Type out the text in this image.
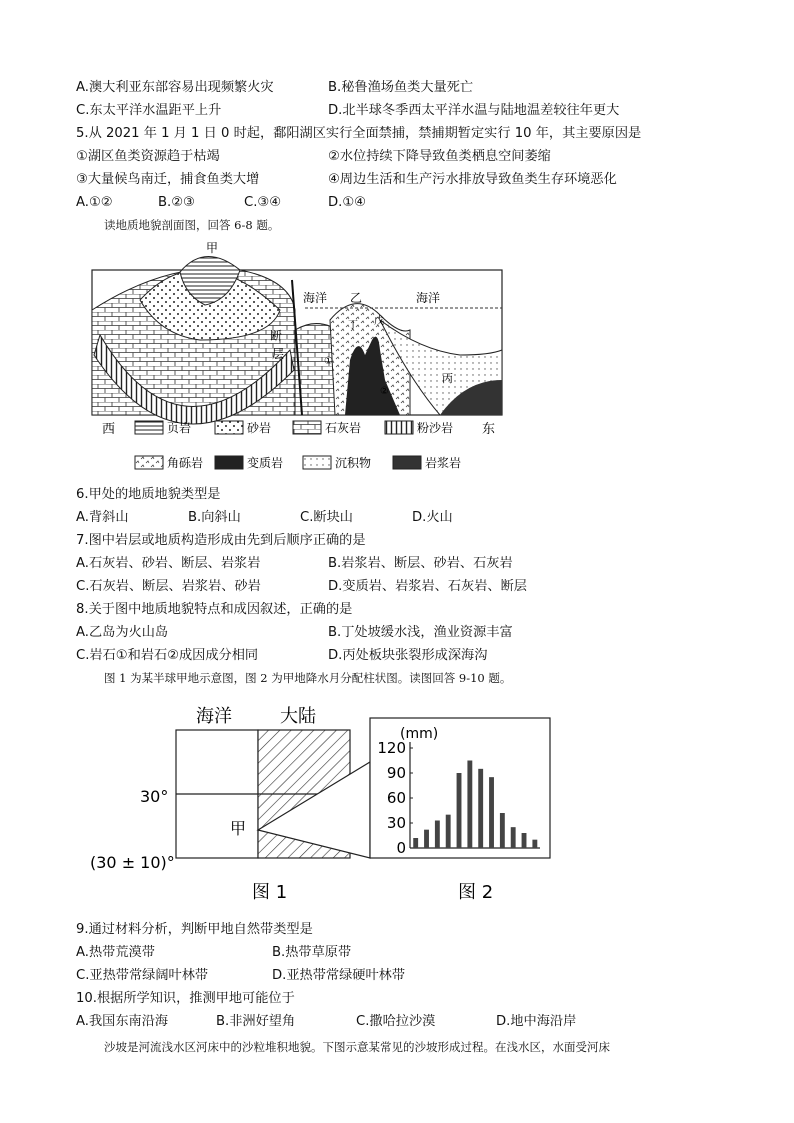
A.澳大利亚东部容易出现频繁火灾	B.秘鲁渔场鱼类大量死亡
C.东太平洋水温距平上升	D.北半球冬季西太平洋水温与陆地温差较往年更大
5.从 2021 年 1 月 1 日 0 时起，鄱阳湖区实行全面禁捕，禁捕期暂定实行 10 年，其主要原因是
①湖区鱼类资源趋于枯竭	②水位持续下降导致鱼类栖息空间萎缩
③大量候鸟南迁，捕食鱼类大增	④周边生活和生产污水排放导致鱼类生存环境恶化
A.①②	B.②③	C.③④	D.①④
读地质地貌剖面图，回答 6-8 题。
甲
海洋 乙	海洋
戊
丁
断
层
丙
①
②
西	东
页岩	砂岩	石灰岩	粉沙岩
角砾岩	变质岩	沉积物	岩浆岩
6.甲处的地质地貌类型是
A.背斜山	B.向斜山	C.断块山	D.火山
7.图中岩层或地质构造形成由先到后顺序正确的是
A.石灰岩、砂岩、断层、岩浆岩	B.岩浆岩、断层、砂岩、石灰岩
C.石灰岩、断层、岩浆岩、砂岩	D.变质岩、岩浆岩、石灰岩、断层
8.关于图中地质地貌特点和成因叙述，正确的是
A.乙岛为火山岛	B.丁处坡缓水浅，渔业资源丰富
C.岩石①和岩石②成因成分相同	D.丙处板块张裂形成深海沟
图 1 为某半球甲地示意图，图 2 为甲地降水月分配柱状图。读图回答 9-10 题。
海洋	大陆
30°
(30 ± 10)°
甲
图 1
(mm)
0
30
60
90
120
图 2
9.通过材料分析，判断甲地自然带类型是
A.热带荒漠带	B.热带草原带
C.亚热带常绿阔叶林带	D.亚热带常绿硬叶林带
10.根据所学知识，推测甲地可能位于
A.我国东南沿海	B.非洲好望角	C.撒哈拉沙漠	D.地中海沿岸
沙坡是河流浅水区河床中的沙粒堆积地貌。下图示意某常见的沙坡形成过程。在浅水区，水面受河床
